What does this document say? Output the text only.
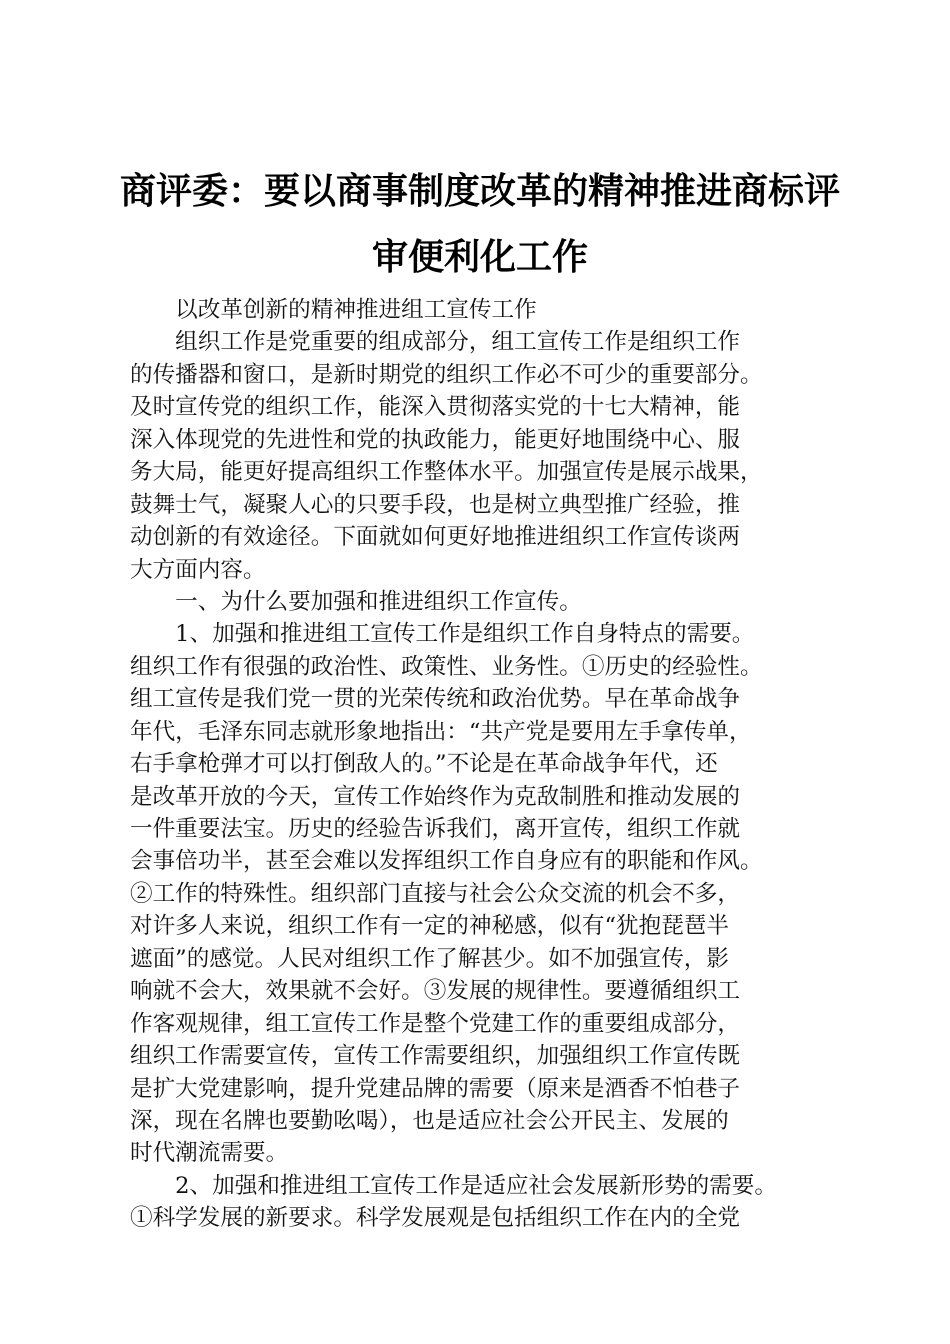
商评委：要以商事制度改革的精神推进商标评
审便利化工作
　　以改革创新的精神推进组工宣传工作
　　组织工作是党重要的组成部分，组工宣传工作是组织工作
的传播器和窗口，是新时期党的组织工作必不可少的重要部分。
及时宣传党的组织工作，能深入贯彻落实党的十七大精神，能
深入体现党的先进性和党的执政能力，能更好地围绕中心、服
务大局，能更好提高组织工作整体水平。加强宣传是展示战果，
鼓舞士气，凝聚人心的只要手段，也是树立典型推广经验，推
动创新的有效途径。下面就如何更好地推进组织工作宣传谈两
大方面内容。
　　一、为什么要加强和推进组织工作宣传。
　　1、加强和推进组工宣传工作是组织工作自身特点的需要。
组织工作有很强的政治性、政策性、业务性。①历史的经验性。
组工宣传是我们党一贯的光荣传统和政治优势。早在革命战争
年代，毛泽东同志就形象地指出：“共产党是要用左手拿传单，
右手拿枪弹才可以打倒敌人的。”不论是在革命战争年代，还
是改革开放的今天，宣传工作始终作为克敌制胜和推动发展的
一件重要法宝。历史的经验告诉我们，离开宣传，组织工作就
会事倍功半，甚至会难以发挥组织工作自身应有的职能和作风。
②工作的特殊性。组织部门直接与社会公众交流的机会不多，
对许多人来说，组织工作有一定的神秘感，似有“犹抱琵琶半
遮面”的感觉。人民对组织工作了解甚少。如不加强宣传，影
响就不会大，效果就不会好。③发展的规律性。要遵循组织工
作客观规律，组工宣传工作是整个党建工作的重要组成部分，
组织工作需要宣传，宣传工作需要组织，加强组织工作宣传既
是扩大党建影响，提升党建品牌的需要（原来是酒香不怕巷子
深，现在名牌也要勤吆喝），也是适应社会公开民主、发展的
时代潮流需要。
　　2、加强和推进组工宣传工作是适应社会发展新形势的需要。
①科学发展的新要求。科学发展观是包括组织工作在内的全党
